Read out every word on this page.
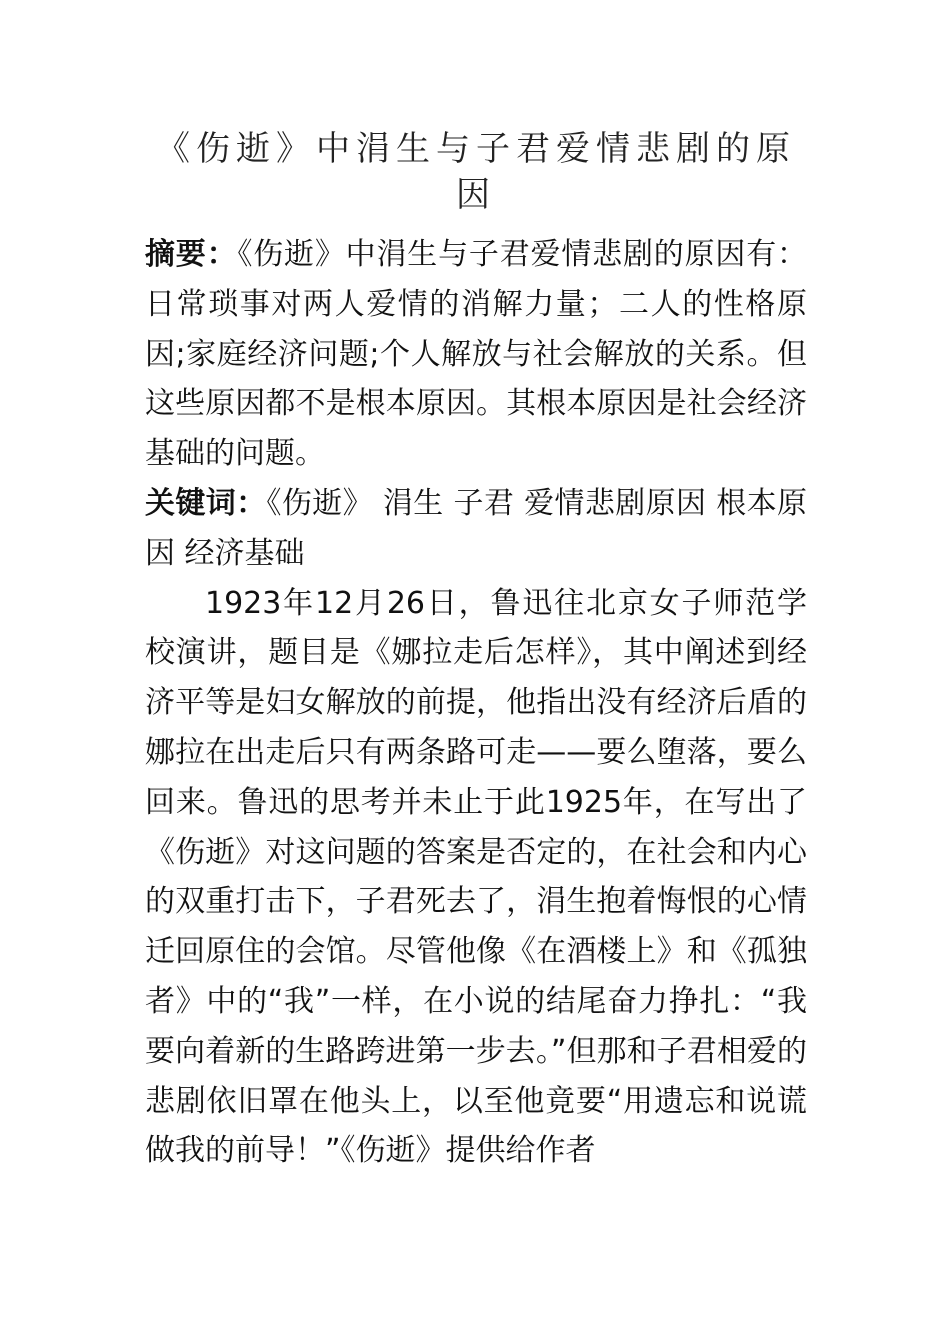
《伤逝》中涓生与子君爱情悲剧的原因

摘要：《伤逝》中涓生与子君爱情悲剧的原因有：日常琐事对两人爱情的消解力量；二人的性格原因;家庭经济问题;个人解放与社会解放的关系。但这些原因都不是根本原因。其根本原因是社会经济基础的问题。

关键词：《伤逝》 涓生 子君 爱情悲剧原因 根本原因 经济基础

1923年12月26日，鲁迅往北京女子师范学校演讲，题目是《娜拉走后怎样》，其中阐述到经济平等是妇女解放的前提，他指出没有经济后盾的娜拉在出走后只有两条路可走——要么堕落，要么回来。鲁迅的思考并未止于此1925年，在写出了《伤逝》对这问题的答案是否定的，在社会和内心的双重打击下，子君死去了，涓生抱着悔恨的心情迁回原住的会馆。尽管他像《在酒楼上》和《孤独者》中的“我”一样，在小说的结尾奋力挣扎：“我要向着新的生路跨进第一步去。”但那和子君相爱的悲剧依旧罩在他头上，以至他竟要“用遗忘和说谎做我的前导！”《伤逝》提供给作者
